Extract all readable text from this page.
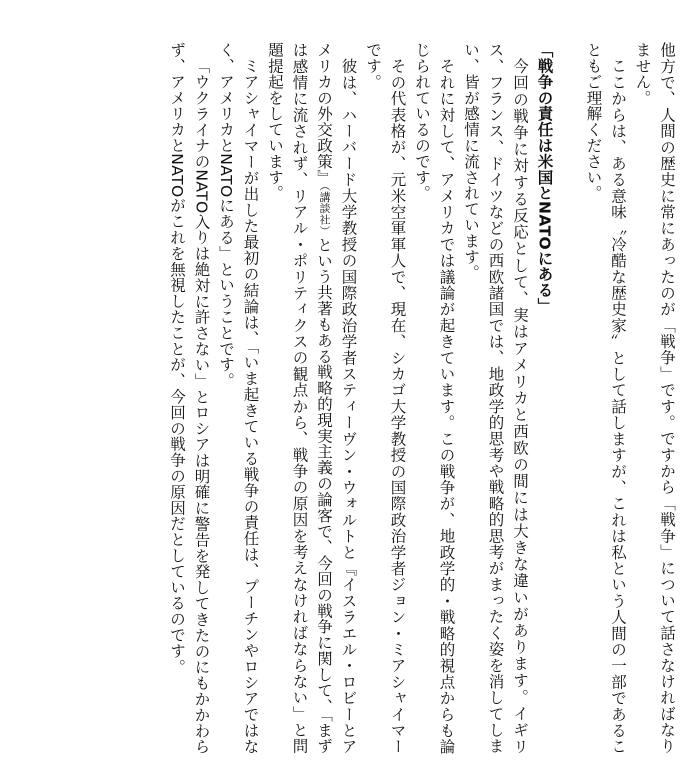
他方で、人間の歴史に常にあったのが「戦争」です。ですから「戦争」について話さなければなりません。

ここからは、ある意味〝冷酷な歴史家〟として話しますが、これは私という人間の一部であることもご理解ください。

「戦争の責任は米国とNATOにある」

今回の戦争に対する反応として、実はアメリカと西欧の間には大きな違いがあります。イギリス、フランス、ドイツなどの西欧諸国では、地政学的思考や戦略的思考がまったく姿を消してしまい、皆が感情に流されています。

それに対して、アメリカでは議論が起きています。この戦争が、地政学的・戦略的視点からも論じられているのです。

その代表格が、元米空軍軍人で、現在、シカゴ大学教授の国際政治学者ジョン・ミアシャイマーです。

彼は、ハーバード大学教授の国際政治学者スティーヴン・ウォルトと『イスラエル・ロビーとアメリカの外交政策』（講談社）という共著もある戦略的現実主義の論客で、今回の戦争に関して、「まずは感情に流されず、リアル・ポリティクスの観点から、戦争の原因を考えなければならない」と問題提起をしています。

ミアシャイマーが出した最初の結論は、「いま起きている戦争の責任は、プーチンやロシアではなく、アメリカとNATOにある」ということです。

「ウクライナのNATO入りは絶対に許さない」とロシアは明確に警告を発してきたのにもかかわらず、アメリカとNATOがこれを無視したことが、今回の戦争の原因だとしているのです。
